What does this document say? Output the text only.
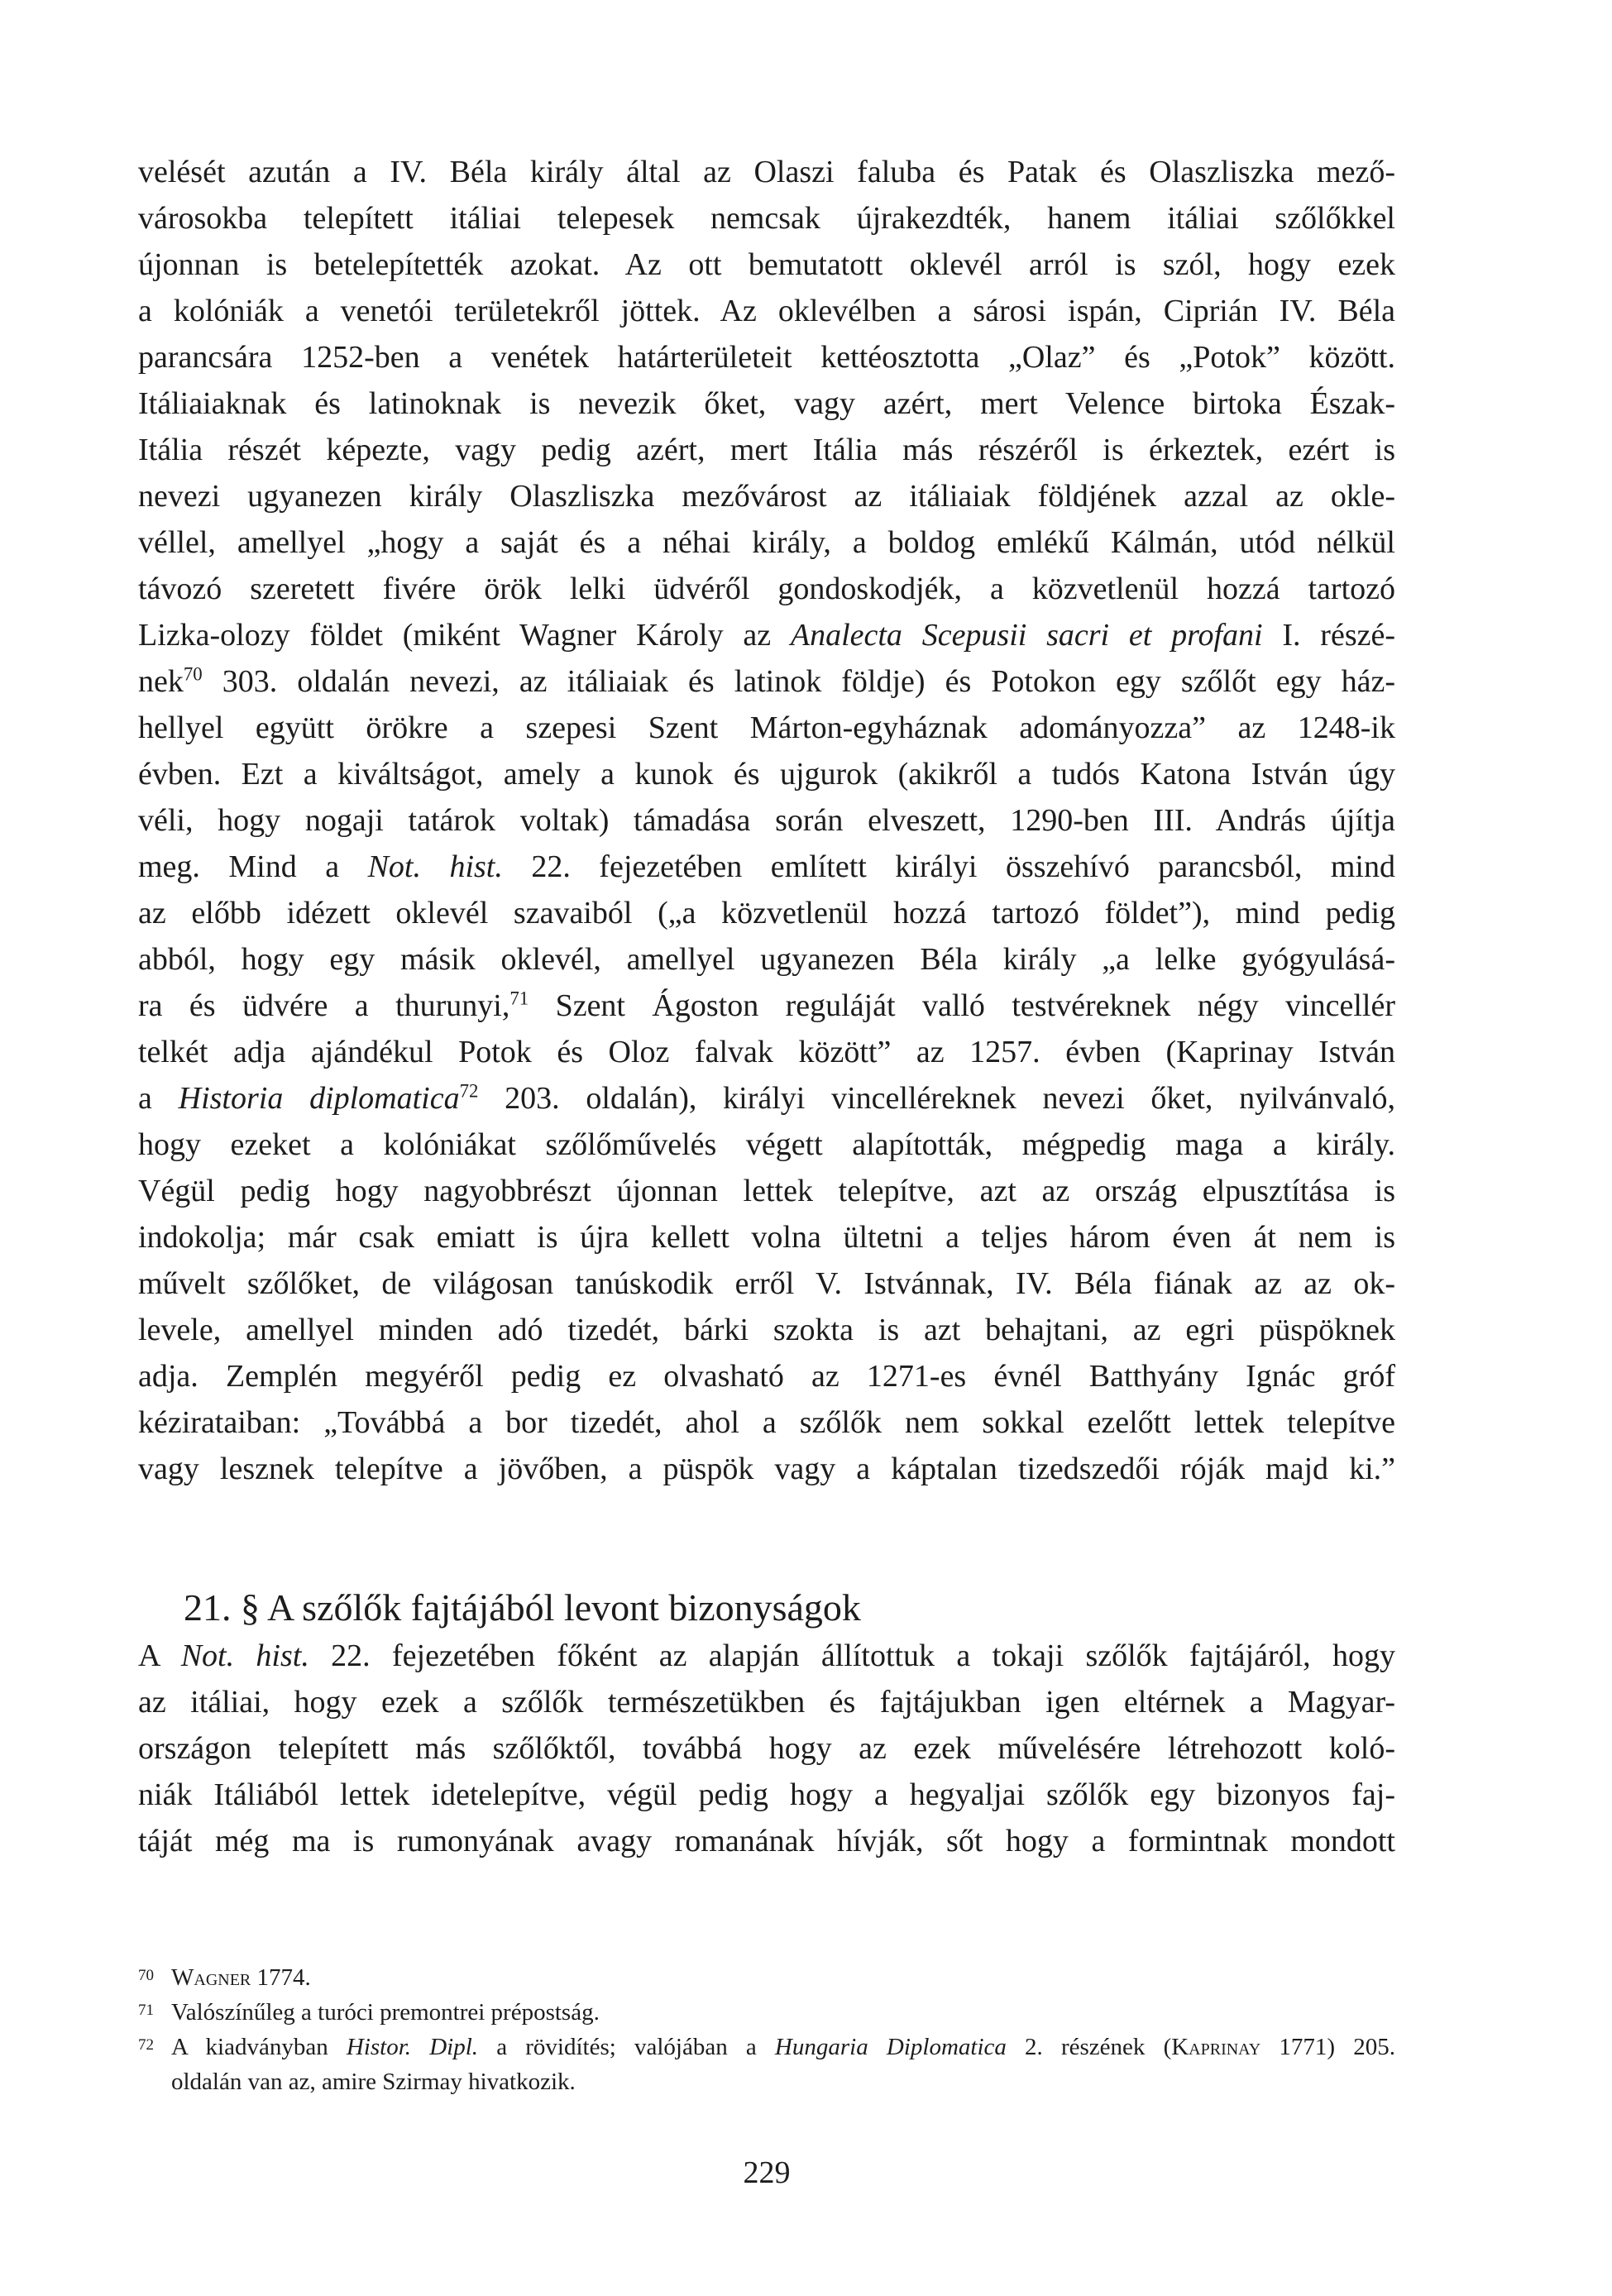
velését azután a IV. Béla király által az Olaszi faluba és Patak és Olaszliszka mező-
városokba telepített itáliai telepesek nemcsak újrakezdték, hanem itáliai szőlőkkel
újonnan is betelepítették azokat. Az ott bemutatott oklevél arról is szól, hogy ezek
a kolóniák a venetói területekről jöttek. Az oklevélben a sárosi ispán, Ciprián IV. Béla
parancsára 1252-ben a venétek határterületeit kettéosztotta „Olaz” és „Potok” között.
Itáliaiaknak és latinoknak is nevezik őket, vagy azért, mert Velence birtoka Észak-
Itália részét képezte, vagy pedig azért, mert Itália más részéről is érkeztek, ezért is
nevezi ugyanezen király Olaszliszka mezővárost az itáliaiak földjének azzal az okle-
véllel, amellyel „hogy a saját és a néhai király, a boldog emlékű Kálmán, utód nélkül
távozó szeretett fivére örök lelki üdvéről gondoskodjék, a közvetlenül hozzá tartozó
Lizka-olozy földet (miként Wagner Károly az Analecta Scepusii sacri et profani I. részé-
nek$^{70}$ 303. oldalán nevezi, az itáliaiak és latinok földje) és Potokon egy szőlőt egy ház-
hellyel együtt örökre a szepesi Szent Márton-egyháznak adományozza” az 1248-ik
évben. Ezt a kiváltságot, amely a kunok és ujgurok (akikről a tudós Katona István úgy
véli, hogy nogaji tatárok voltak) támadása során elveszett, 1290-ben III. András újítja
meg. Mind a Not. hist. 22. fejezetében említett királyi összehívó parancsból, mind
az előbb idézett oklevél szavaiból („a közvetlenül hozzá tartozó földet”), mind pedig
abból, hogy egy másik oklevél, amellyel ugyanezen Béla király „a lelke gyógyulásá-
ra és üdvére a thurunyi,$^{71}$ Szent Ágoston reguláját valló testvéreknek négy vincellér
telkét adja ajándékul Potok és Oloz falvak között” az 1257. évben (Kaprinay István
a Historia diplomatica$^{72}$ 203. oldalán), királyi vincelléreknek nevezi őket, nyilvánvaló,
hogy ezeket a kolóniákat szőlőművelés végett alapították, mégpedig maga a király.
Végül pedig hogy nagyobbrészt újonnan lettek telepítve, azt az ország elpusztítása is
indokolja; már csak emiatt is újra kellett volna ültetni a teljes három éven át nem is
művelt szőlőket, de világosan tanúskodik erről V. Istvánnak, IV. Béla fiának az az ok-
levele, amellyel minden adó tizedét, bárki szokta is azt behajtani, az egri püspöknek
adja. Zemplén megyéről pedig ez olvasható az 1271-es évnél Batthyány Ignác gróf
kézirataiban: „Továbbá a bor tizedét, ahol a szőlők nem sokkal ezelőtt lettek telepítve
vagy lesznek telepítve a jövőben, a püspök vagy a káptalan tizedszedői róják majd ki.”
21. § A szőlők fajtájából levont bizonyságok
A Not. hist. 22. fejezetében főként az alapján állítottuk a tokaji szőlők fajtájáról, hogy
az itáliai, hogy ezek a szőlők természetükben és fajtájukban igen eltérnek a Magyar-
országon telepített más szőlőktől, továbbá hogy az ezek művelésére létrehozott koló-
niák Itáliából lettek idetelepítve, végül pedig hogy a hegyaljai szőlők egy bizonyos faj-
táját még ma is rumonyának avagy romanának hívják, sőt hogy a formintnak mondott
70 Wagner 1774.
71 Valószínűleg a turóci premontrei prépostság.
72 A kiadványban Histor. Dipl. a rövidítés; valójában a Hungaria Diplomatica 2. részének (Kaprinay 1771) 205.
oldalán van az, amire Szirmay hivatkozik.
229
